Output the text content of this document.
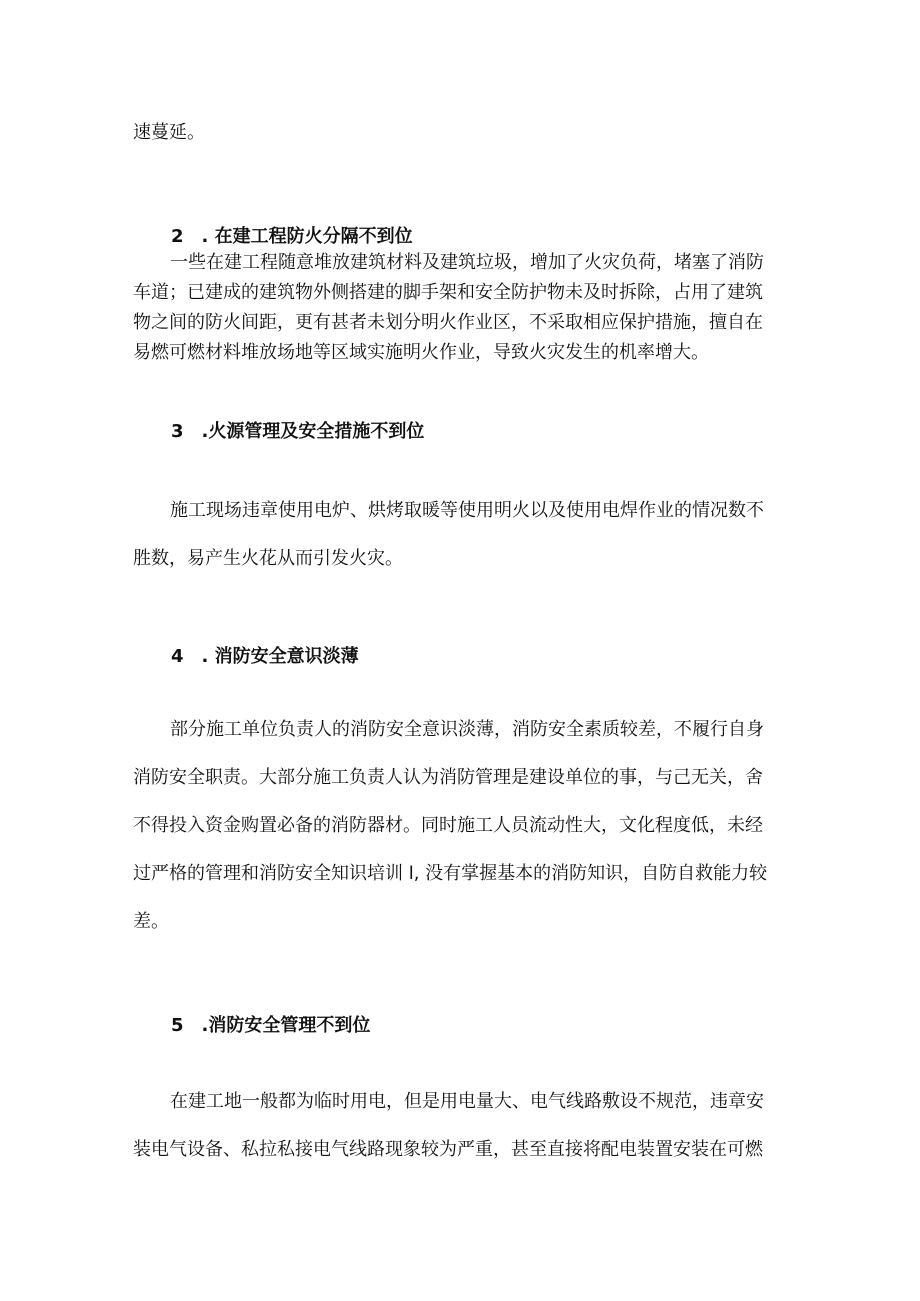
速蔓延。
2　. 在建工程防火分隔不到位
一些在建工程随意堆放建筑材料及建筑垃圾，增加了火灾负荷，堵塞了消防
车道；已建成的建筑物外侧搭建的脚手架和安全防护物未及时拆除，占用了建筑
物之间的防火间距，更有甚者未划分明火作业区，不采取相应保护措施，擅自在
易燃可燃材料堆放场地等区域实施明火作业，导致火灾发生的机率增大。
3　.火源管理及安全措施不到位
施工现场违章使用电炉、烘烤取暖等使用明火以及使用电焊作业的情况数不
胜数，易产生火花从而引发火灾。
4　. 消防安全意识淡薄
部分施工单位负责人的消防安全意识淡薄，消防安全素质较差，不履行自身
消防安全职责。大部分施工负责人认为消防管理是建设单位的事，与己无关，舍
不得投入资金购置必备的消防器材。同时施工人员流动性大，文化程度低，未经
过严格的管理和消防安全知识培训 l, 没有掌握基本的消防知识，自防自救能力较
差。
5　.消防安全管理不到位
在建工地一般都为临时用电，但是用电量大、电气线路敷设不规范，违章安
装电气设备、私拉私接电气线路现象较为严重，甚至直接将配电装置安装在可燃
